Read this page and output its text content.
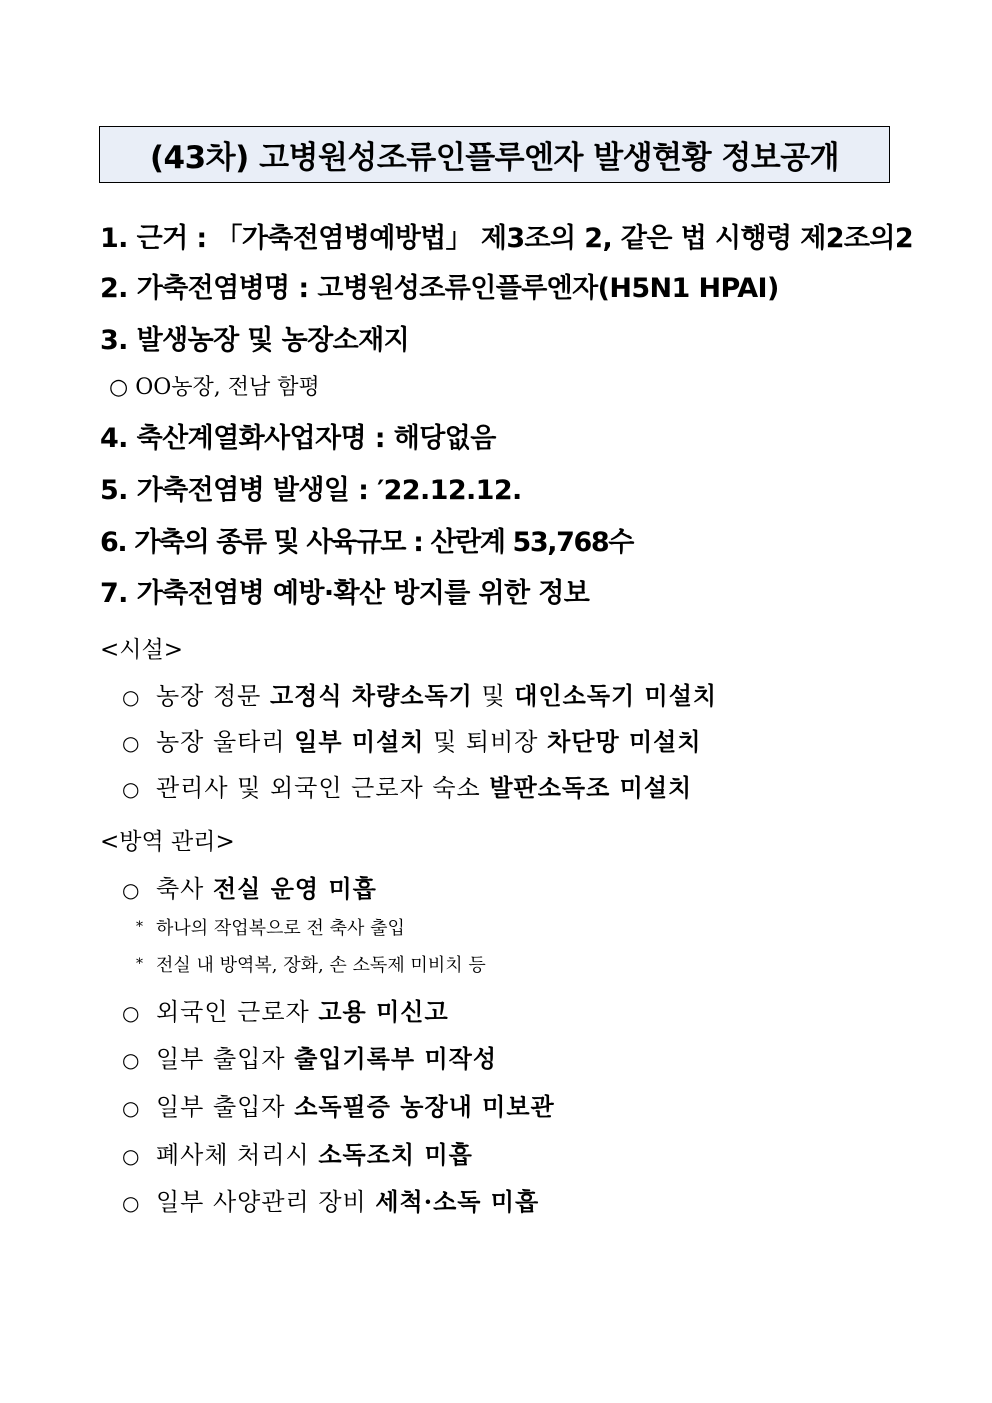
(43차) 고병원성조류인플루엔자 발생현황 정보공개
1. 근거 : 「가축전염병예방법」 제3조의 2, 같은 법 시행령 제2조의2
2. 가축전염병명 : 고병원성조류인플루엔자(H5N1 HPAI)
3. 발생농장 및 농장소재지
○ OO농장, 전남 함평
4. 축산계열화사업자명 : 해당없음
5. 가축전염병 발생일 : ′22.12.12.
6. 가축의 종류 및 사육규모 : 산란계 53,768수
7. 가축전염병 예방·확산 방지를 위한 정보
<시설>
○ 농장 정문 고정식 차량소독기 및 대인소독기 미설치
○ 농장 울타리 일부 미설치 및 퇴비장 차단망 미설치
○ 관리사 및 외국인 근로자 숙소 발판소독조 미설치
<방역 관리>
○ 축사 전실 운영 미흡
* 하나의 작업복으로 전 축사 출입
* 전실 내 방역복, 장화, 손 소독제 미비치 등
○ 외국인 근로자 고용 미신고
○ 일부 출입자 출입기록부 미작성
○ 일부 출입자 소독필증 농장내 미보관
○ 폐사체 처리시 소독조치 미흡
○ 일부 사양관리 장비 세척·소독 미흡
